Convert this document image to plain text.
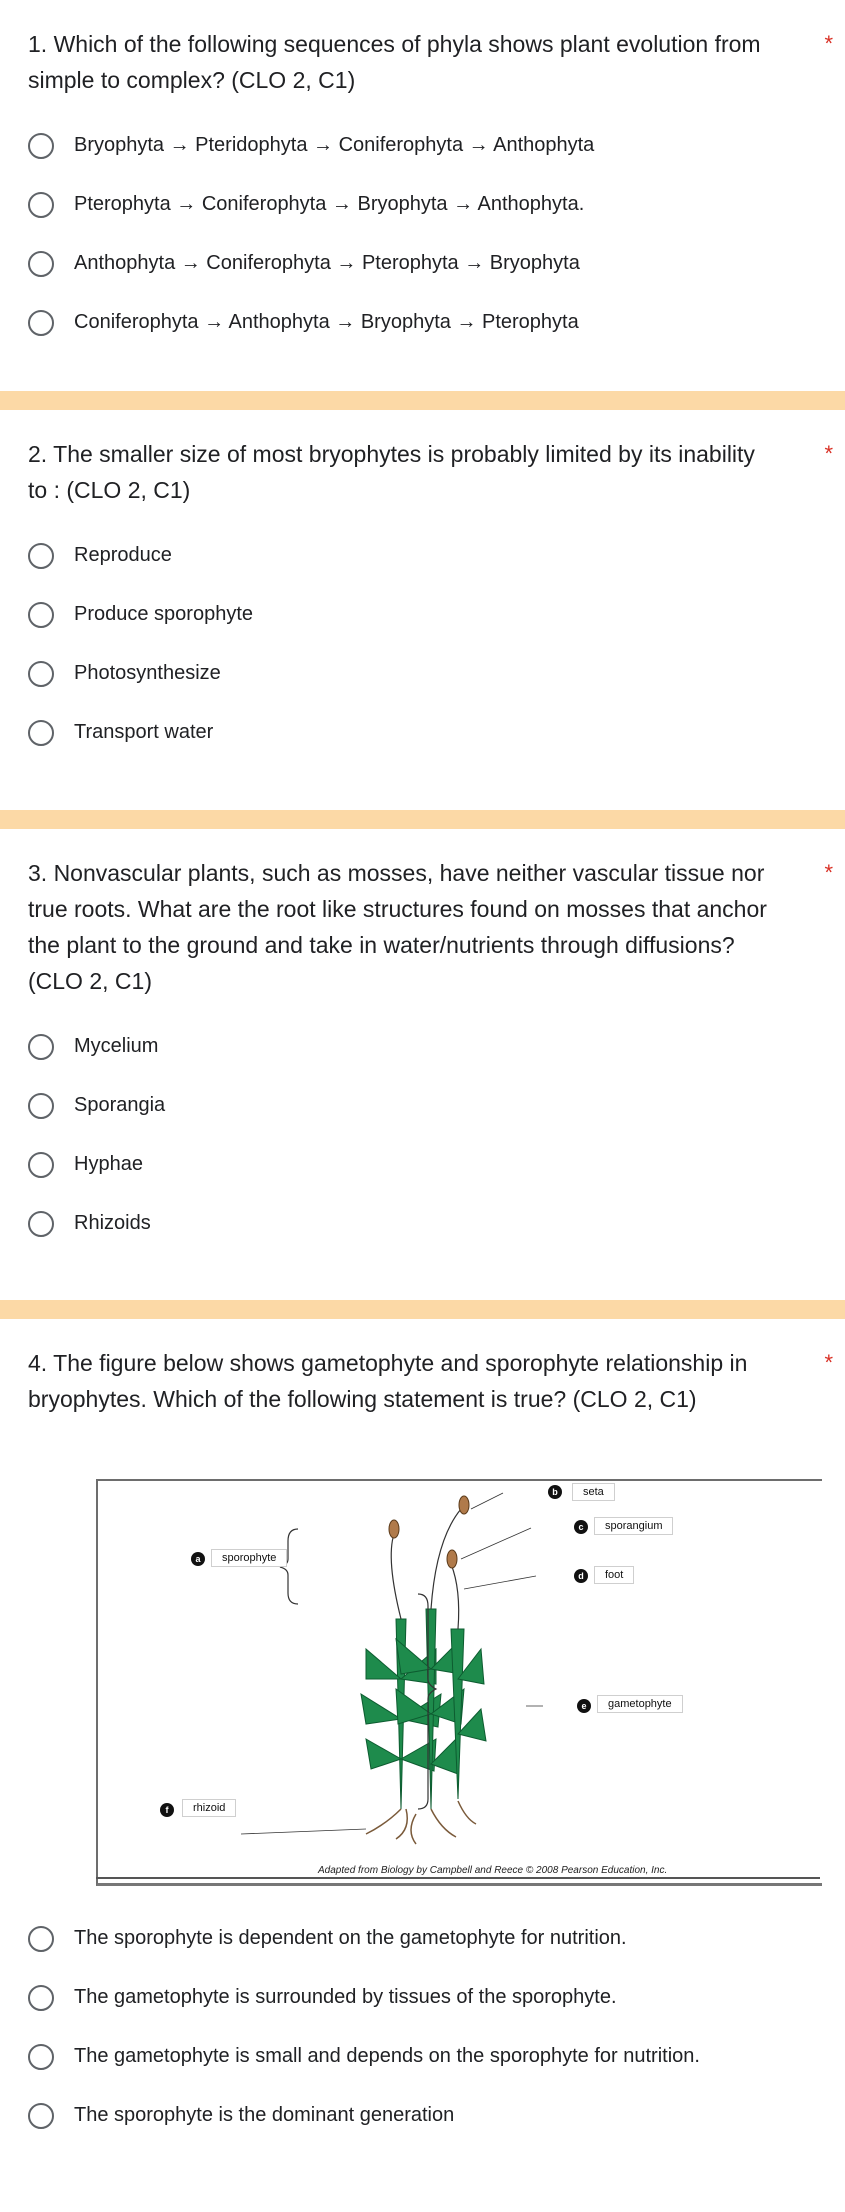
1. Which of the following sequences of phyla shows plant evolution from simple to complex? (CLO 2, C1)

*
Bryophyta → Pteridophyta → Coniferophyta → Anthophyta
Pterophyta → Coniferophyta → Bryophyta → Anthophyta.
Anthophyta → Coniferophyta → Pterophyta → Bryophyta
Coniferophyta → Anthophyta → Bryophyta → Pterophyta

2. The smaller size of most bryophytes is probably limited by its inability to : (CLO 2, C1)

*
Reproduce
Produce sporophyte
Photosynthesize
Transport water

3. Nonvascular plants, such as mosses, have neither vascular tissue nor true roots. What are the root like structures found on mosses that anchor the plant to the ground and take in water/nutrients through diffusions? (CLO 2, C1)

*
Mycelium
Sporangia
Hyphae
Rhizoids

4. The figure below shows gametophyte and sporophyte relationship in bryophytes. Which of the following statement is true? (CLO 2, C1)

*
a	sporophyte
b	seta
c	sporangium
d	foot
e	gametophyte
f	rhizoid
Adapted from Biology by Campbell and Reece © 2008 Pearson Education, Inc.
The sporophyte is dependent on the gametophyte for nutrition.
The gametophyte is surrounded by tissues of the sporophyte.
The gametophyte is small and depends on the sporophyte for nutrition.
The sporophyte is the dominant generation
